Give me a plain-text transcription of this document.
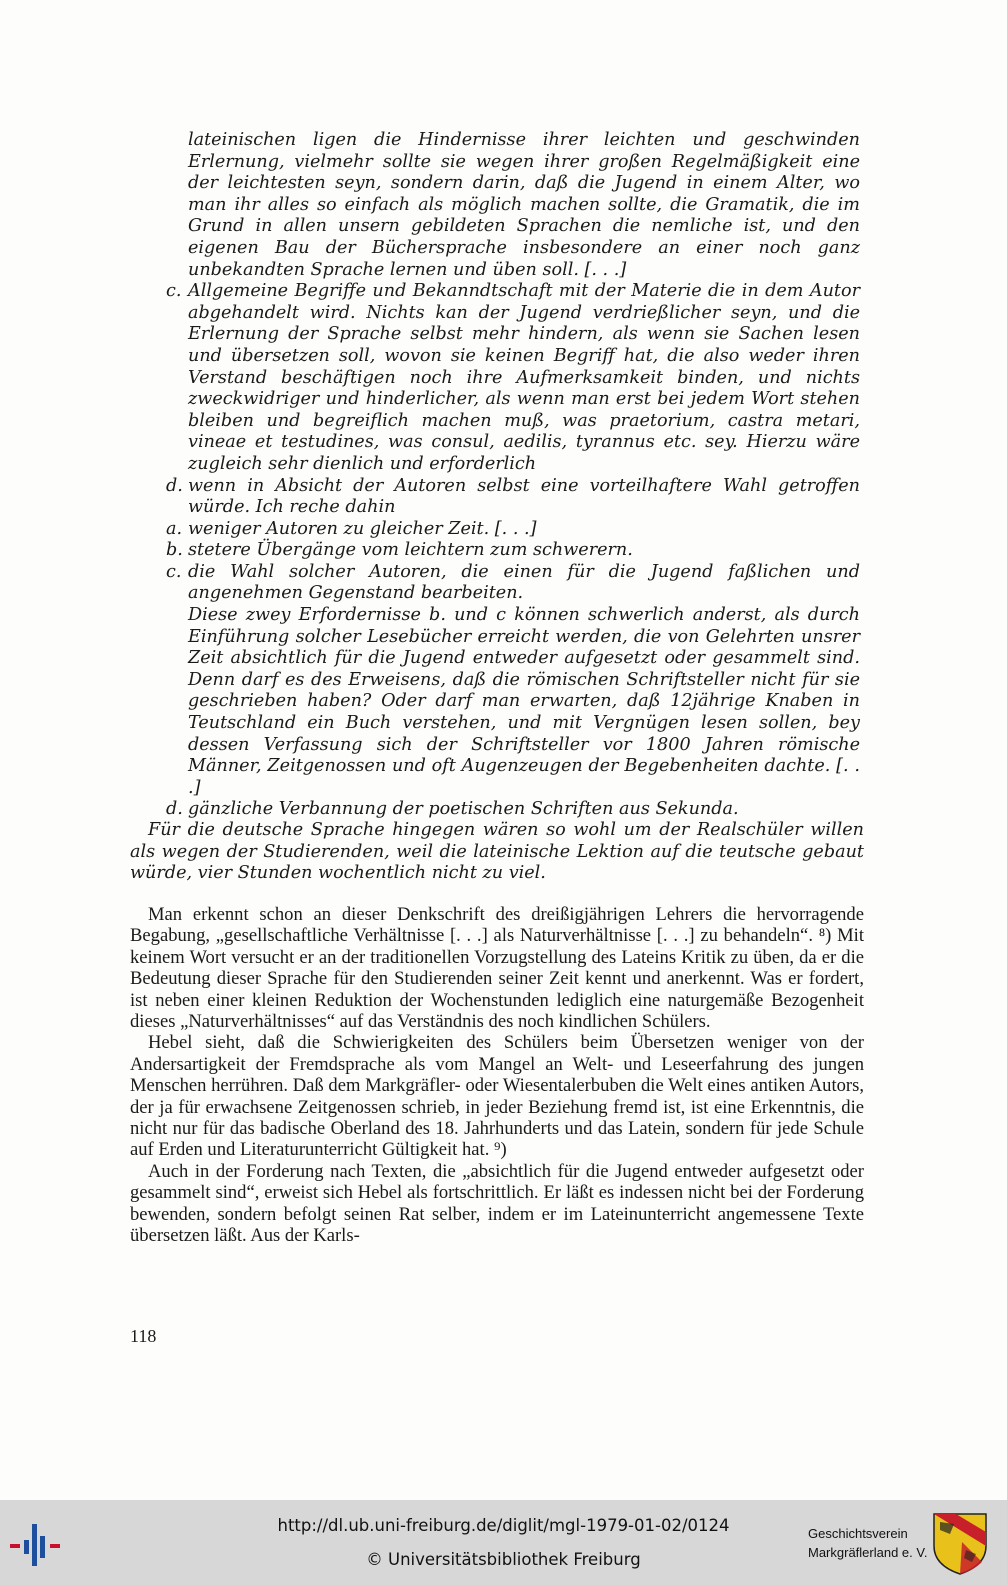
lateinischen ligen die Hindernisse ihrer leichten und geschwinden Erlernung, vielmehr sollte sie wegen ihrer großen Regelmäßigkeit eine der leichtesten seyn, sondern darin, daß die Jugend in einem Alter, wo man ihr alles so einfach als möglich machen sollte, die Gramatik, die im Grund in allen unsern gebildeten Sprachen die nemliche ist, und den eigenen Bau der Büchersprache insbesondere an einer noch ganz unbekandten Sprache lernen und üben soll. [. . .]

c. Allgemeine Begriffe und Bekanndtschaft mit der Materie die in dem Autor abgehandelt wird. Nichts kan der Jugend verdrießlicher seyn, und die Erlernung der Sprache selbst mehr hindern, als wenn sie Sachen lesen und übersetzen soll, wovon sie keinen Begriff hat, die also weder ihren Verstand beschäftigen noch ihre Aufmerksamkeit binden, und nichts zweckwidriger und hinderlicher, als wenn man erst bei jedem Wort stehen bleiben und begreiflich machen muß, was praetorium, castra metari, vineae et testudines, was consul, aedilis, tyrannus etc. sey. Hierzu wäre zugleich sehr dienlich und erforderlich
d. wenn in Absicht der Autoren selbst eine vorteilhaftere Wahl getroffen würde. Ich reche dahin
a. weniger Autoren zu gleicher Zeit. [. . .]
b. stetere Übergänge vom leichtern zum schwerern.
c. die Wahl solcher Autoren, die einen für die Jugend faßlichen und angenehmen Gegenstand bearbeiten.

Diese zwey Erfordernisse b. und c können schwerlich anderst, als durch Einführung solcher Lesebücher erreicht werden, die von Gelehrten unsrer Zeit absichtlich für die Jugend entweder aufgesetzt oder gesammelt sind. Denn darf es des Erweisens, daß die römischen Schriftsteller nicht für sie geschrieben haben? Oder darf man erwarten, daß 12jährige Knaben in Teutschland ein Buch verstehen, und mit Vergnügen lesen sollen, bey dessen Verfassung sich der Schriftsteller vor 1800 Jahren römische Männer, Zeitgenossen und oft Augenzeugen der Begebenheiten dachte. [. . .]

d. gänzliche Verbannung der poetischen Schriften aus Sekunda.

Für die deutsche Sprache hingegen wären so wohl um der Realschüler willen als wegen der Studierenden, weil die lateinische Lektion auf die teutsche gebaut würde, vier Stunden wochentlich nicht zu viel.

Man erkennt schon an dieser Denkschrift des dreißigjährigen Lehrers die hervorragende Begabung, „gesellschaftliche Verhältnisse [. . .] als Naturverhältnisse [. . .] zu behandeln“. ⁸) Mit keinem Wort versucht er an der traditionellen Vorzugstellung des Lateins Kritik zu üben, da er die Bedeutung dieser Sprache für den Studierenden seiner Zeit kennt und anerkennt. Was er fordert, ist neben einer kleinen Reduktion der Wochenstunden lediglich eine naturgemäße Bezogenheit dieses „Naturverhältnisses“ auf das Verständnis des noch kindlichen Schülers.

Hebel sieht, daß die Schwierigkeiten des Schülers beim Übersetzen weniger von der Andersartigkeit der Fremdsprache als vom Mangel an Welt- und Leseerfahrung des jungen Menschen herrühren. Daß dem Markgräfler- oder Wiesentalerbuben die Welt eines antiken Autors, der ja für erwachsene Zeitgenossen schrieb, in jeder Beziehung fremd ist, ist eine Erkenntnis, die nicht nur für das badische Oberland des 18. Jahrhunderts und das Latein, sondern für jede Schule auf Erden und Literaturunterricht Gültigkeit hat. ⁹)

Auch in der Forderung nach Texten, die „absichtlich für die Jugend entweder aufgesetzt oder gesammelt sind“, erweist sich Hebel als fortschrittlich. Er läßt es indessen nicht bei der Forderung bewenden, sondern befolgt seinen Rat selber, indem er im Lateinunterricht angemessene Texte übersetzen läßt. Aus der Karls-

118
http://dl.ub.uni-freiburg.de/diglit/mgl-1979-01-02/0124
© Universitätsbibliothek Freiburg
Geschichtsverein
Markgräflerland e. V.
